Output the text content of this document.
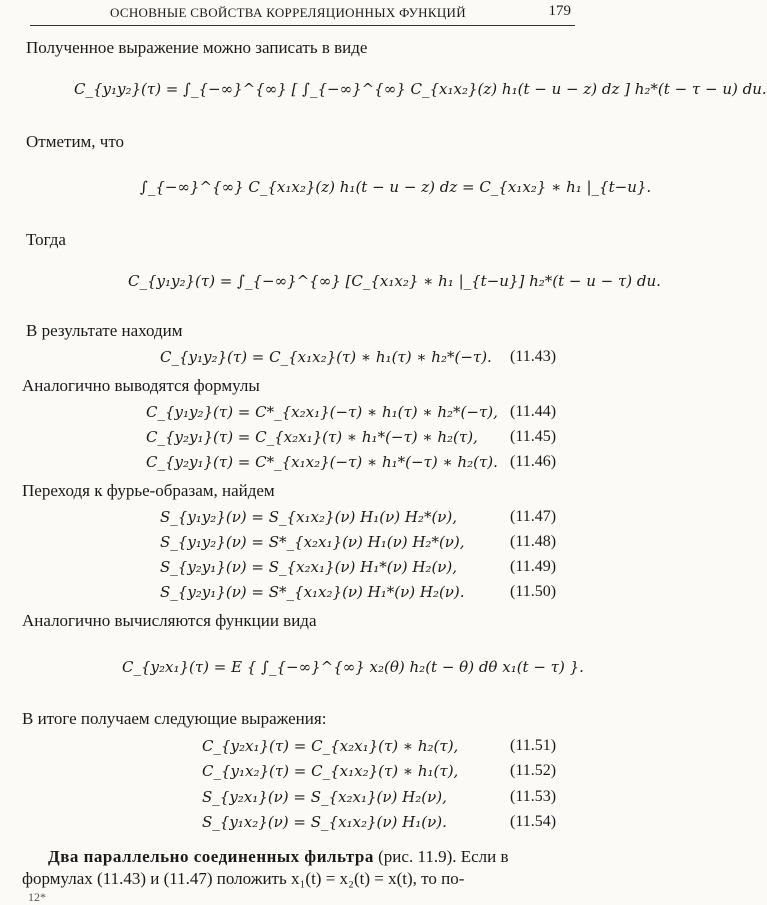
ОСНОВНЫЕ СВОЙСТВА КОРРЕЛЯЦИОННЫХ ФУНКЦИЙ	179
Полученное выражение можно записать в виде
C_{y₁y₂}(τ) = ∫_{−∞}^{∞} [ ∫_{−∞}^{∞} C_{x₁x₂}(z) h₁(t − u − z) dz ] h₂*(t − τ − u) du.
Отметим, что
∫_{−∞}^{∞} C_{x₁x₂}(z) h₁(t − u − z) dz = C_{x₁x₂} ∗ h₁ |_{t−u}.
Тогда
C_{y₁y₂}(τ) = ∫_{−∞}^{∞} [C_{x₁x₂} ∗ h₁ |_{t−u}] h₂*(t − u − τ) du.
В результате находим
C_{y₁y₂}(τ) = C_{x₁x₂}(τ) ∗ h₁(τ) ∗ h₂*(−τ). (11.43)
Аналогично выводятся формулы
C_{y₁y₂}(τ) = C*_{x₂x₁}(−τ) ∗ h₁(τ) ∗ h₂*(−τ), (11.44)
C_{y₂y₁}(τ) = C_{x₂x₁}(τ) ∗ h₁*(−τ) ∗ h₂(τ), (11.45)
C_{y₂y₁}(τ) = C*_{x₁x₂}(−τ) ∗ h₁*(−τ) ∗ h₂(τ). (11.46)
Переходя к фурье-образам, найдем
S_{y₁y₂}(ν) = S_{x₁x₂}(ν) H₁(ν) H₂*(ν),	(11.47)
S_{y₁y₂}(ν) = S*_{x₂x₁}(ν) H₁(ν) H₂*(ν),	(11.48)
S_{y₂y₁}(ν) = S_{x₂x₁}(ν) H₁*(ν) H₂(ν),	(11.49)
S_{y₂y₁}(ν) = S*_{x₁x₂}(ν) H₁*(ν) H₂(ν).	(11.50)
Аналогично вычисляются функции вида
C_{y₂x₁}(τ) = E { ∫_{−∞}^{∞} x₂(θ) h₂(t − θ) dθ x₁(t − τ) }.
В итоге получаем следующие выражения:
C_{y₂x₁}(τ) = C_{x₂x₁}(τ) ∗ h₂(τ),	(11.51)
C_{y₁x₂}(τ) = C_{x₁x₂}(τ) ∗ h₁(τ),	(11.52)
S_{y₂x₁}(ν) = S_{x₂x₁}(ν) H₂(ν),	(11.53)
S_{y₁x₂}(ν) = S_{x₁x₂}(ν) H₁(ν).	(11.54)
Два параллельно соединенных фильтра (рис. 11.9). Если в
формулах (11.43) и (11.47) положить x₁(t) = x₂(t) = x(t), то по-
12*
